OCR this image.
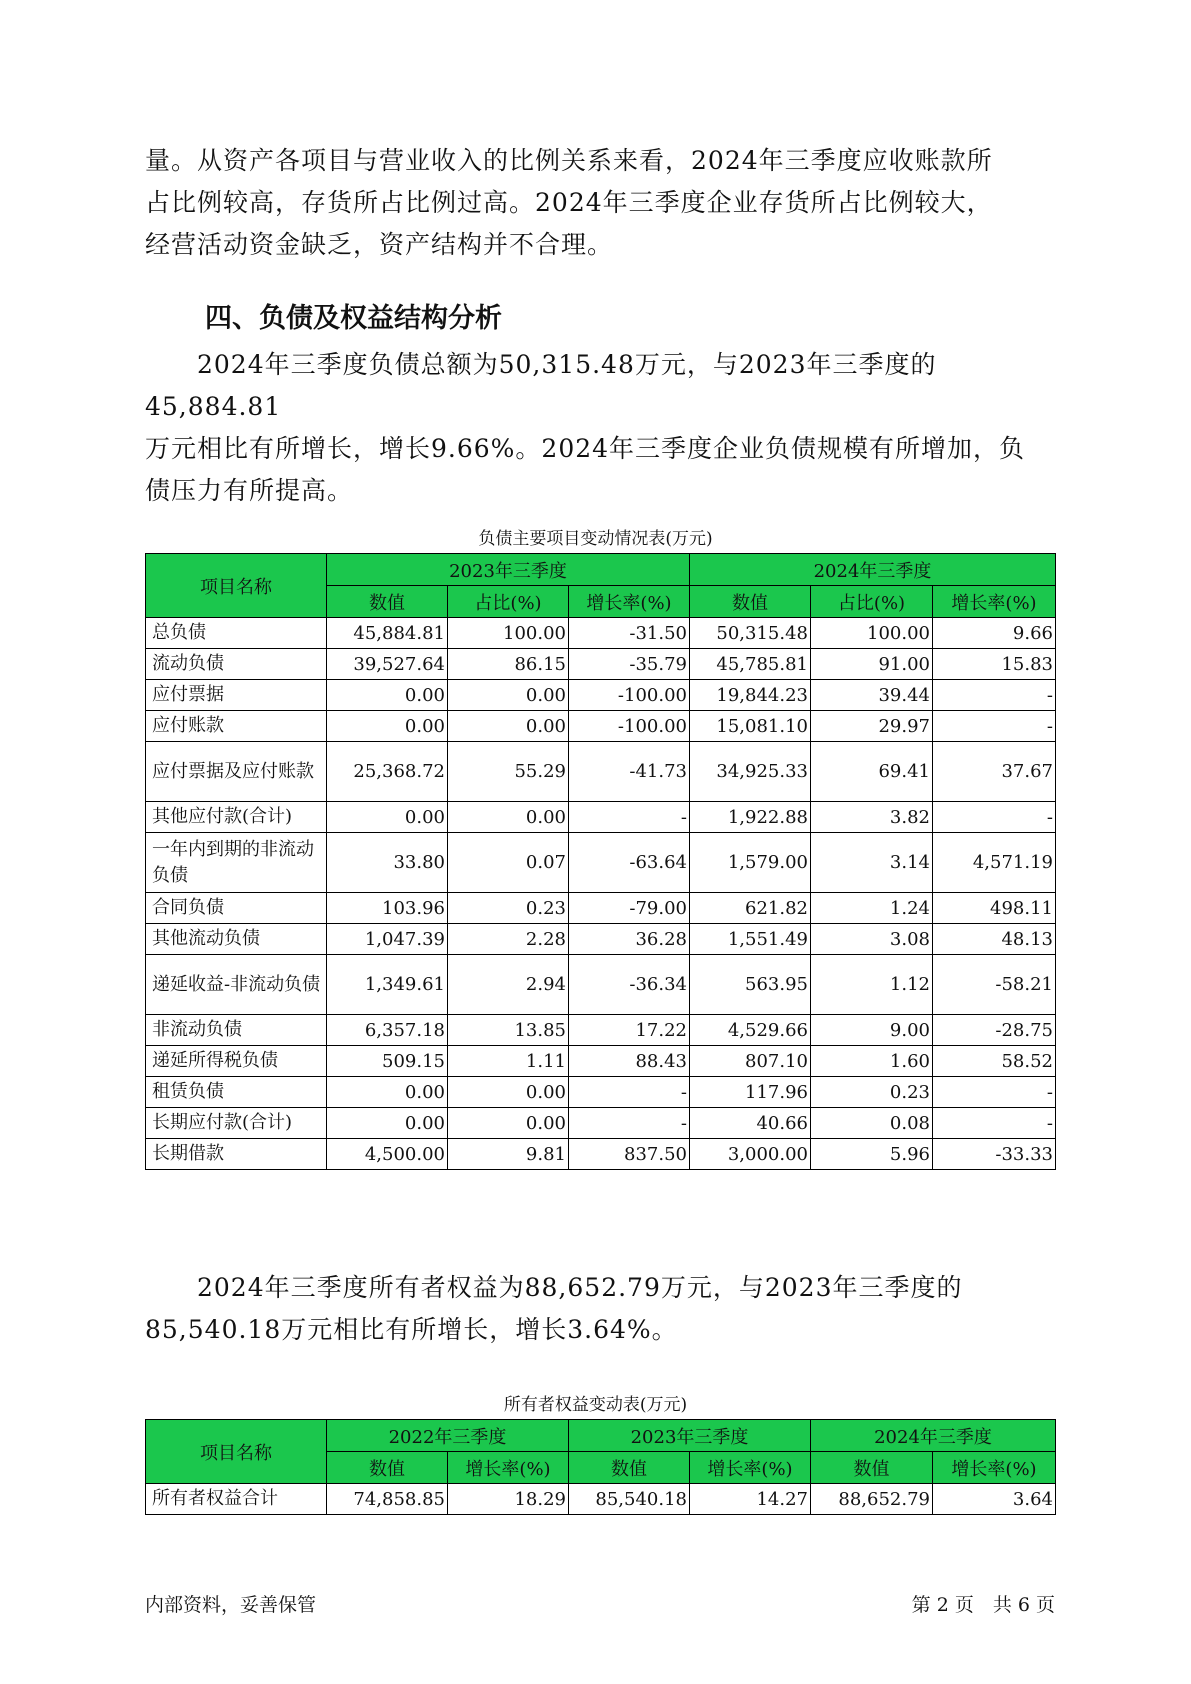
量。从资产各项目与营业收入的比例关系来看，2024年三季度应收账款所
占比例较高，存货所占比例过高。2024年三季度企业存货所占比例较大，
经营活动资金缺乏，资产结构并不合理。
四、负债及权益结构分析
　　2024年三季度负债总额为50,315.48万元，与2023年三季度的45,884.81
万元相比有所增长，增长9.66%。2024年三季度企业负债规模有所增加，负
债压力有所提高。
负债主要项目变动情况表(万元)
项目名称	2023年三季度			2024年三季度		
	数值	占比(%)	增长率(%)	数值	占比(%)	增长率(%)
总负债	45,884.81	100.00	-31.50	50,315.48	100.00	9.66
流动负债	39,527.64	86.15	-35.79	45,785.81	91.00	15.83
应付票据	0.00	0.00	-100.00	19,844.23	39.44	-
应付账款	0.00	0.00	-100.00	15,081.10	29.97	-
应付票据及应付账款	25,368.72	55.29	-41.73	34,925.33	69.41	37.67
其他应付款(合计)	0.00	0.00	-	1,922.88	3.82	-
一年内到期的非流动负债	33.80	0.07	-63.64	1,579.00	3.14	4,571.19
合同负债	103.96	0.23	-79.00	621.82	1.24	498.11
其他流动负债	1,047.39	2.28	36.28	1,551.49	3.08	48.13
递延收益-非流动负债	1,349.61	2.94	-36.34	563.95	1.12	-58.21
非流动负债	6,357.18	13.85	17.22	4,529.66	9.00	-28.75
递延所得税负债	509.15	1.11	88.43	807.10	1.60	58.52
租赁负债	0.00	0.00	-	117.96	0.23	-
长期应付款(合计)	0.00	0.00	-	40.66	0.08	-
长期借款	4,500.00	9.81	837.50	3,000.00	5.96	-33.33
　　2024年三季度所有者权益为88,652.79万元，与2023年三季度的
85,540.18万元相比有所增长，增长3.64%。
所有者权益变动表(万元)
项目名称	2022年三季度		2023年三季度		2024年三季度	
	数值	增长率(%)	数值	增长率(%)	数值	增长率(%)
所有者权益合计	74,858.85	18.29	85,540.18	14.27	88,652.79	3.64
内部资料，妥善保管	第 2 页　共 6 页
